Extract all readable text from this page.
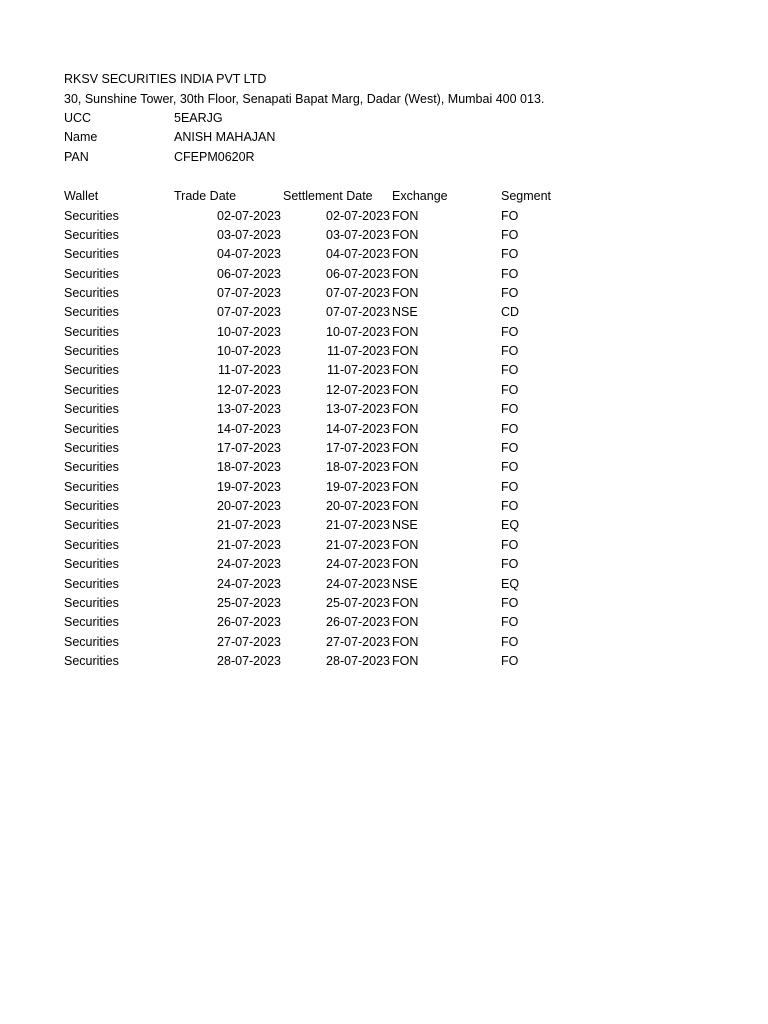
RKSV SECURITIES INDIA PVT LTD
30, Sunshine Tower, 30th Floor, Senapati Bapat Marg, Dadar (West), Mumbai 400 013.
UCC	5EARJG
Name	ANISH MAHAJAN
PAN	CFEPM0620R
Wallet	Trade Date	Settlement Date Exchange	Segment
Securities	02-07-2023	02-07-2023 FON	FO
Securities	03-07-2023	03-07-2023 FON	FO
Securities	04-07-2023	04-07-2023 FON	FO
Securities	06-07-2023	06-07-2023 FON	FO
Securities	07-07-2023	07-07-2023 FON	FO
Securities	07-07-2023	07-07-2023 NSE	CD
Securities	10-07-2023	10-07-2023 FON	FO
Securities	10-07-2023	11-07-2023 FON	FO
Securities	11-07-2023	11-07-2023 FON	FO
Securities	12-07-2023	12-07-2023 FON	FO
Securities	13-07-2023	13-07-2023 FON	FO
Securities	14-07-2023	14-07-2023 FON	FO
Securities	17-07-2023	17-07-2023 FON	FO
Securities	18-07-2023	18-07-2023 FON	FO
Securities	19-07-2023	19-07-2023 FON	FO
Securities	20-07-2023	20-07-2023 FON	FO
Securities	21-07-2023	21-07-2023 NSE	EQ
Securities	21-07-2023	21-07-2023 FON	FO
Securities	24-07-2023	24-07-2023 FON	FO
Securities	24-07-2023	24-07-2023 NSE	EQ
Securities	25-07-2023	25-07-2023 FON	FO
Securities	26-07-2023	26-07-2023 FON	FO
Securities	27-07-2023	27-07-2023 FON	FO
Securities	28-07-2023	28-07-2023 FON	FO
